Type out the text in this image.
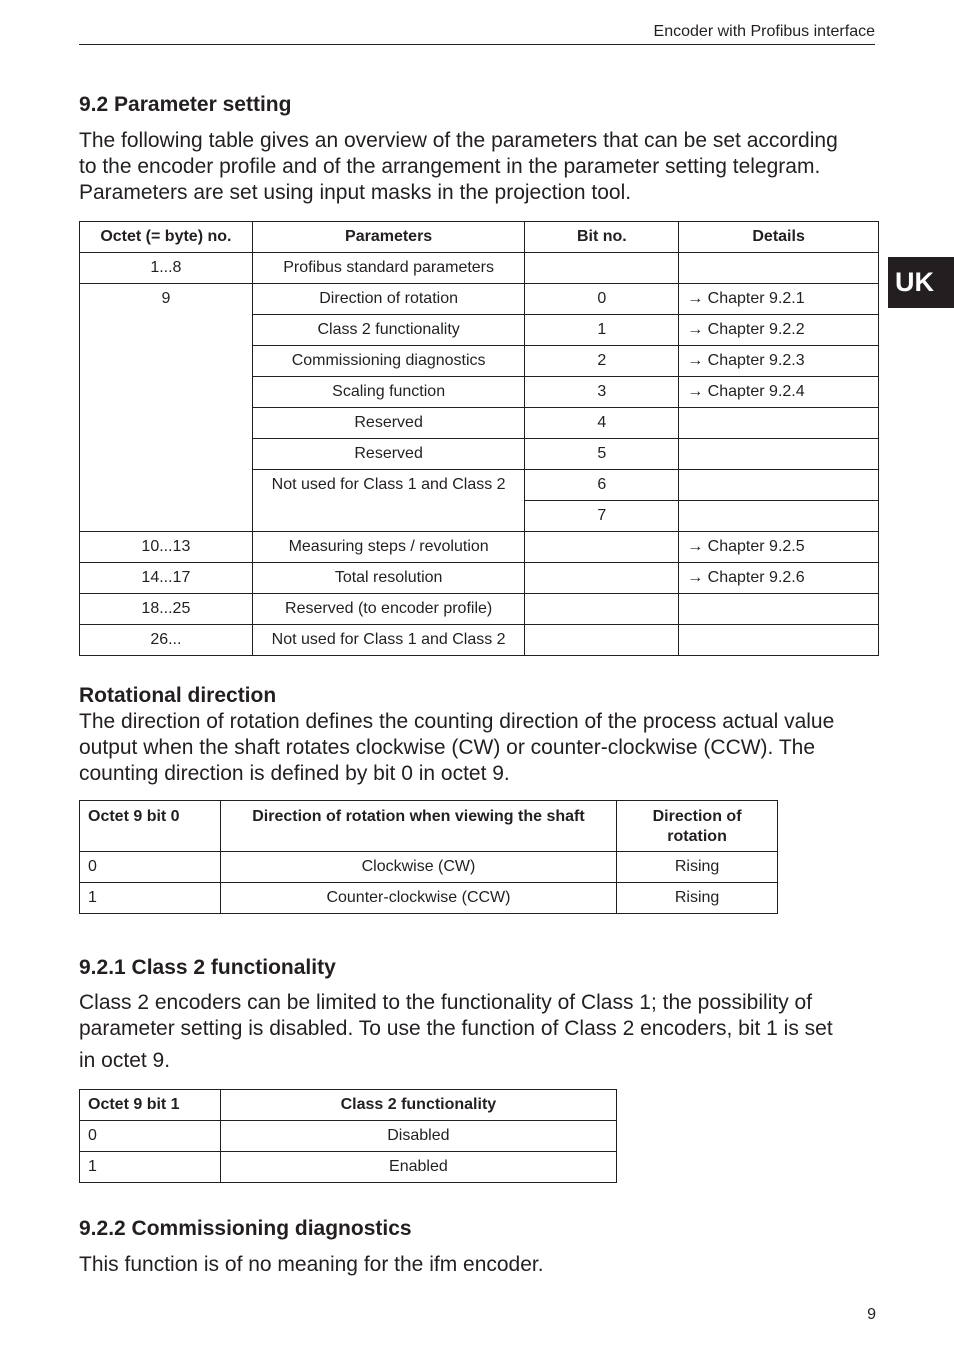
Encoder with Profibus interface
UK
9.2 Parameter setting

The following table gives an overview of the parameters that can be set according
to the encoder profile and of the arrangement in the parameter setting telegram.
Parameters are set using input masks in the projection tool.

Octet (= byte) no.	Parameters	Bit no.	Details
1...8	Profibus standard parameters		
9	Direction of rotation	0	→ Chapter 9.2.1
	Class 2 functionality	1	→ Chapter 9.2.2
	Commissioning diagnostics	2	→ Chapter 9.2.3
	Scaling function	3	→ Chapter 9.2.4
	Reserved	4	
	Reserved	5	
	Not used for Class 1 and Class 2	6	
		7	
10...13	Measuring steps / revolution		→ Chapter 9.2.5
14...17	Total resolution		→ Chapter 9.2.6
18...25	Reserved (to encoder profile)		
26...	Not used for Class 1 and Class 2		
Rotational direction

The direction of rotation defines the counting direction of the process actual value
output when the shaft rotates clockwise (CW) or counter-clockwise (CCW). The
counting direction is defined by bit 0 in octet 9.

Octet 9 bit 0	Direction of rotation when viewing the shaft	Direction of rotation
0	Clockwise (CW)	Rising
1	Counter-clockwise (CCW)	Rising
9.2.1 Class 2 functionality

Class 2 encoders can be limited to the functionality of Class 1; the possibility of
parameter setting is disabled. To use the function of Class 2 encoders, bit 1 is set
in octet 9.

Octet 9 bit 1	Class 2 functionality
0	Disabled
1	Enabled
9.2.2 Commissioning diagnostics

This function is of no meaning for the ifm encoder.

9
